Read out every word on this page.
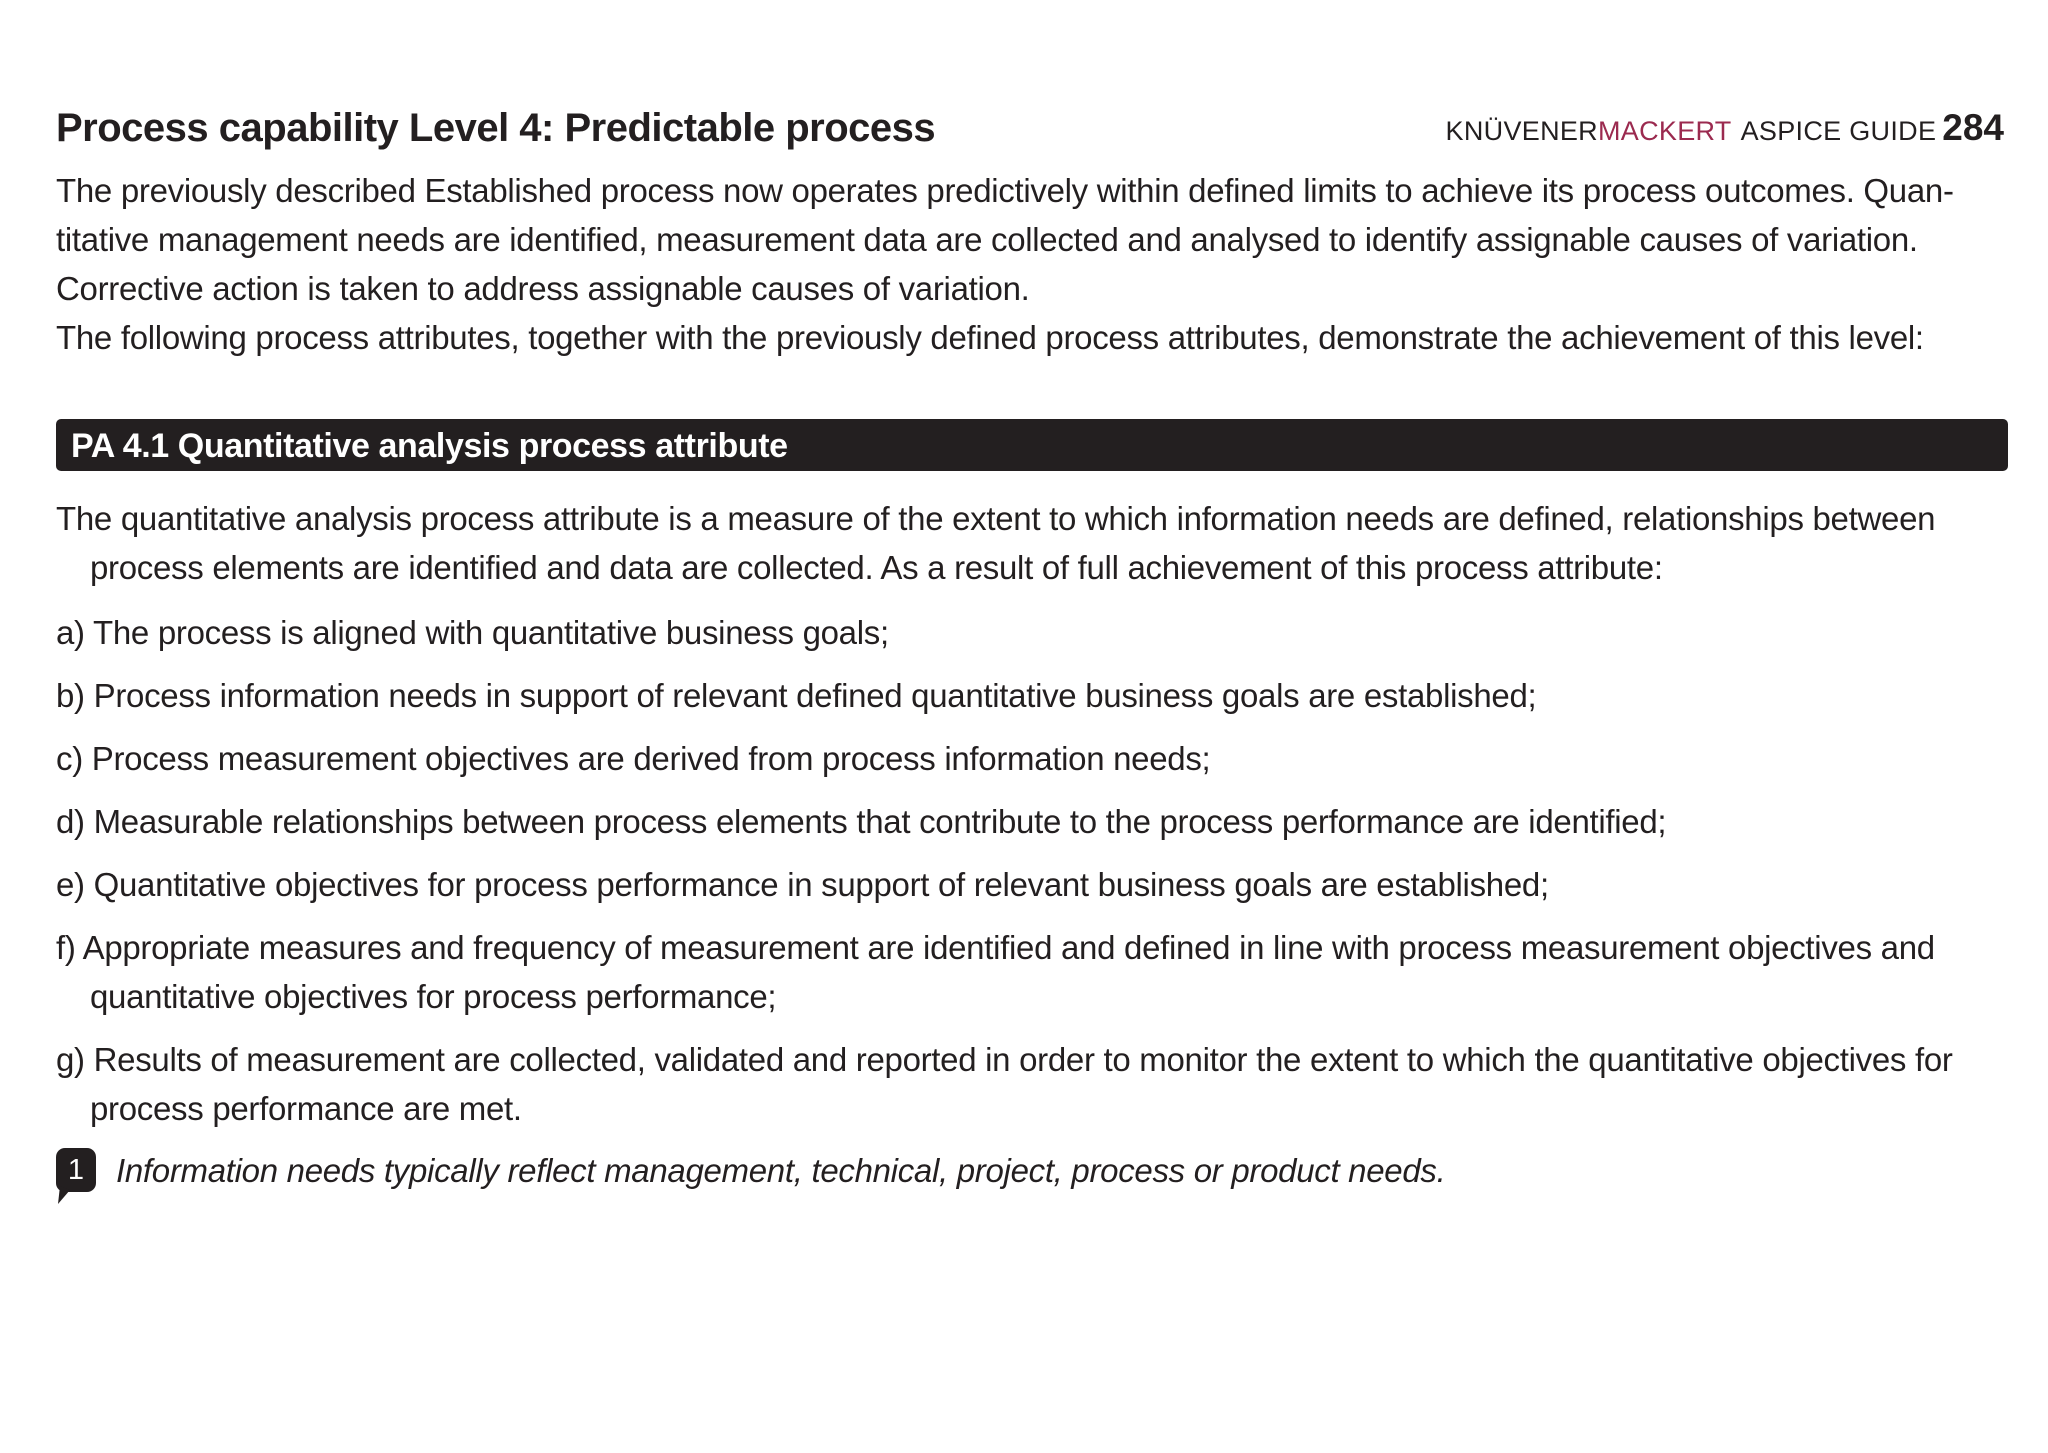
Process capability Level 4: Predictable process	KNÜVENERMACKERT ASPICE GUIDE 284

The previously described Established process now operates predictively within defined limits to achieve its process outcomes. Quan-titative management needs are identified, measurement data are collected and analysed to identify assignable causes of variation. Corrective action is taken to address assignable causes of variation.

The following process attributes, together with the previously defined process attributes, demonstrate the achievement of this level:

PA 4.1 Quantitative analysis process attribute

The quantitative analysis process attribute is a measure of the extent to which information needs are defined, relationships between process elements are identified and data are collected. As a result of full achievement of this process attribute:

a) The process is aligned with quantitative business goals;
b) Process information needs in support of relevant defined quantitative business goals are established;
c) Process measurement objectives are derived from process information needs;
d) Measurable relationships between process elements that contribute to the process performance are identified;
e) Quantitative objectives for process performance in support of relevant business goals are established;
f) Appropriate measures and frequency of measurement are identified and defined in line with process measurement objectives and quantitative objectives for process performance;
g) Results of measurement are collected, validated and reported in order to monitor the extent to which the quantitative objectives for process performance are met.
1 Information needs typically reflect management, technical, project, process or product needs.
